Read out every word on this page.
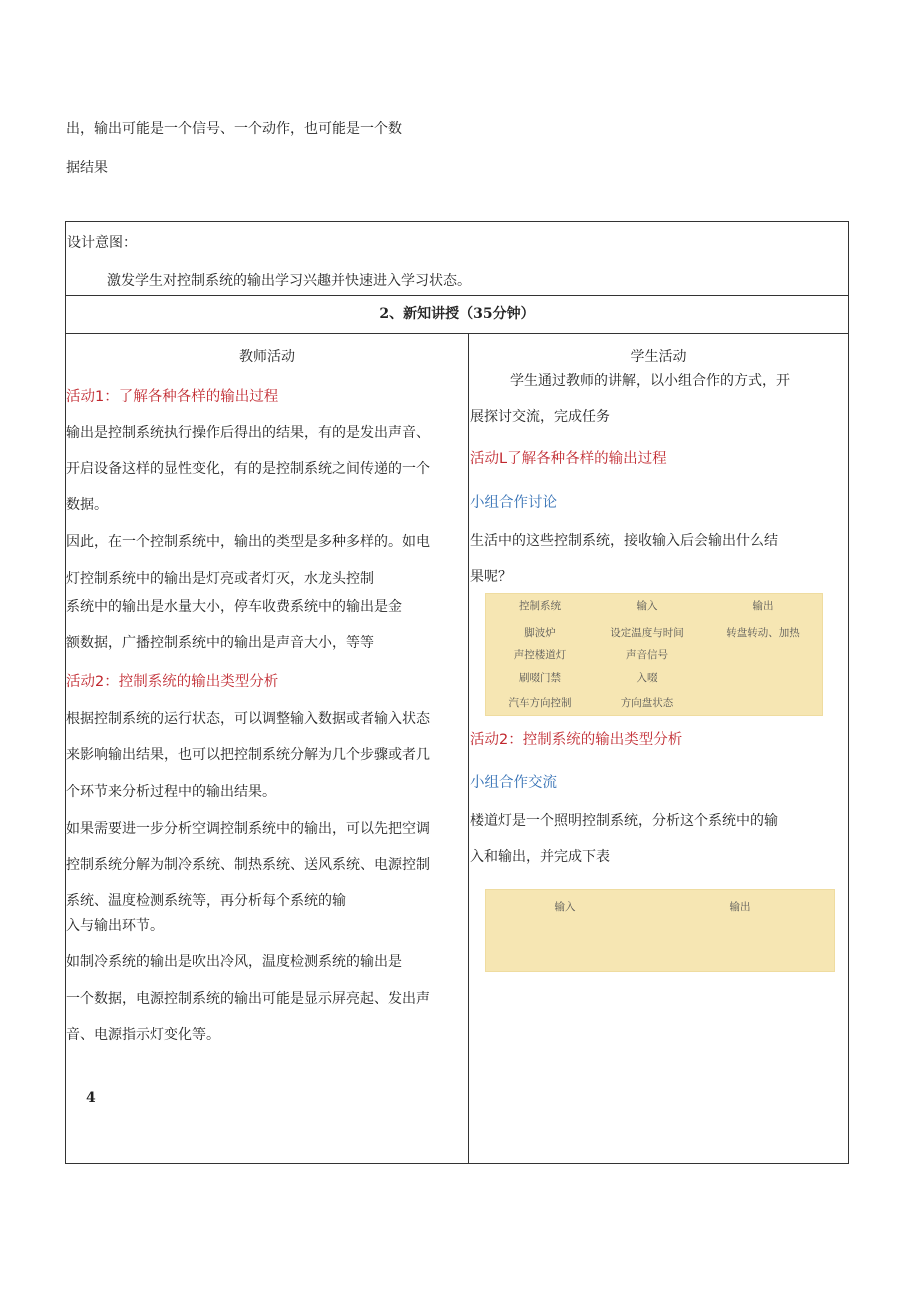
出，输出可能是一个信号、一个动作，也可能是一个数
据结果
设计意图：
激发学生对控制系统的输出学习兴趣并快速进入学习状态。
2、新知讲授（35分钟）
教师活动	学生活动
活动1：了解各种各样的输出过程
输出是控制系统执行操作后得出的结果，有的是发出声音、
开启设备这样的显性变化，有的是控制系统之间传递的一个
数据。
因此，在一个控制系统中，输出的类型是多种多样的。如电
灯控制系统中的输出是灯亮或者灯灭，水龙头控制
系统中的输出是水量大小，停车收费系统中的输出是金
额数据，广播控制系统中的输出是声音大小，等等
活动2：控制系统的输出类型分析
根据控制系统的运行状态，可以调整输入数据或者输入状态
来影响输出结果，也可以把控制系统分解为几个步骤或者几
个环节来分析过程中的输出结果。
如果需要进一步分析空调控制系统中的输出，可以先把空调
控制系统分解为制冷系统、制热系统、送风系统、电源控制
系统、温度检测系统等，再分析每个系统的输
入与输出环节。
如制冷系统的输出是吹出冷风，温度检测系统的输出是
一个数据，电源控制系统的输出可能是显示屏亮起、发出声
音、电源指示灯变化等。
4
学生通过教师的讲解，以小组合作的方式，开
展探讨交流，完成任务
活动L了解各种各样的输出过程
小组合作讨论
生活中的这些控制系统，接收输入后会输出什么结
果呢？
控制系统	输入	输出
脚波炉	设定温度与时间	转盘转动、加热
声控楼道灯	声音信号
刷啜门禁	入啜
汽车方向控制	方向盘状态
活动2：控制系统的输出类型分析
小组合作交流
楼道灯是一个照明控制系统，分析这个系统中的输
入和输出，并完成下表
输入	输出
